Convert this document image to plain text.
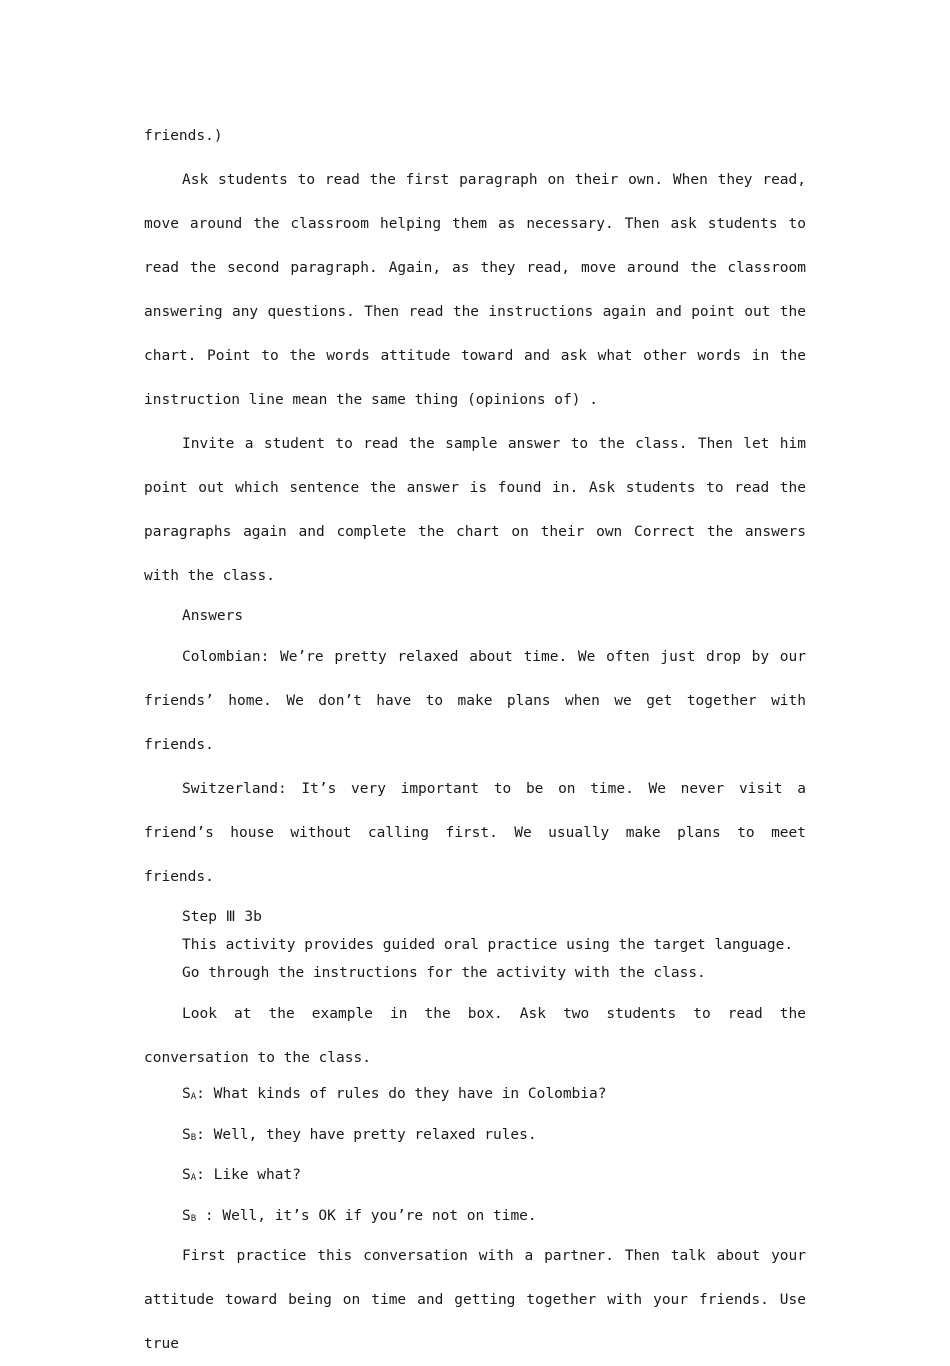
friends.)

Ask students to read the first paragraph on their own. When they read, move around the classroom helping them as necessary. Then ask students to read the second paragraph. Again, as they read, move around the classroom answering any questions. Then read the instructions again and point out the chart. Point to the words attitude toward and ask what other words in the instruction line mean the same thing (opinions of) .

Invite a student to read the sample answer to the class. Then let him point out which sentence the answer is found in. Ask students to read the paragraphs again and complete the chart on their own Correct the answers with the class.

Answers

Colombian: We’re pretty relaxed about time. We often just drop by our friends’ home. We don’t have to make plans when we get together with friends.

Switzerland: It’s very important to be on time. We never visit a friend’s house without calling first. We usually make plans to meet friends.

Step Ⅲ 3b

This activity provides guided oral practice using the target language.

Go through the instructions for the activity with the class.

Look at the example in the box. Ask two students to read the conversation to the class.

SA: What kinds of rules do they have in Colombia?

SB: Well, they have pretty relaxed rules.

SA: Like what?

SB : Well, it’s OK if you’re not on time.

First practice this conversation with a partner. Then talk about your attitude toward being on time and getting together with your friends. Use true
